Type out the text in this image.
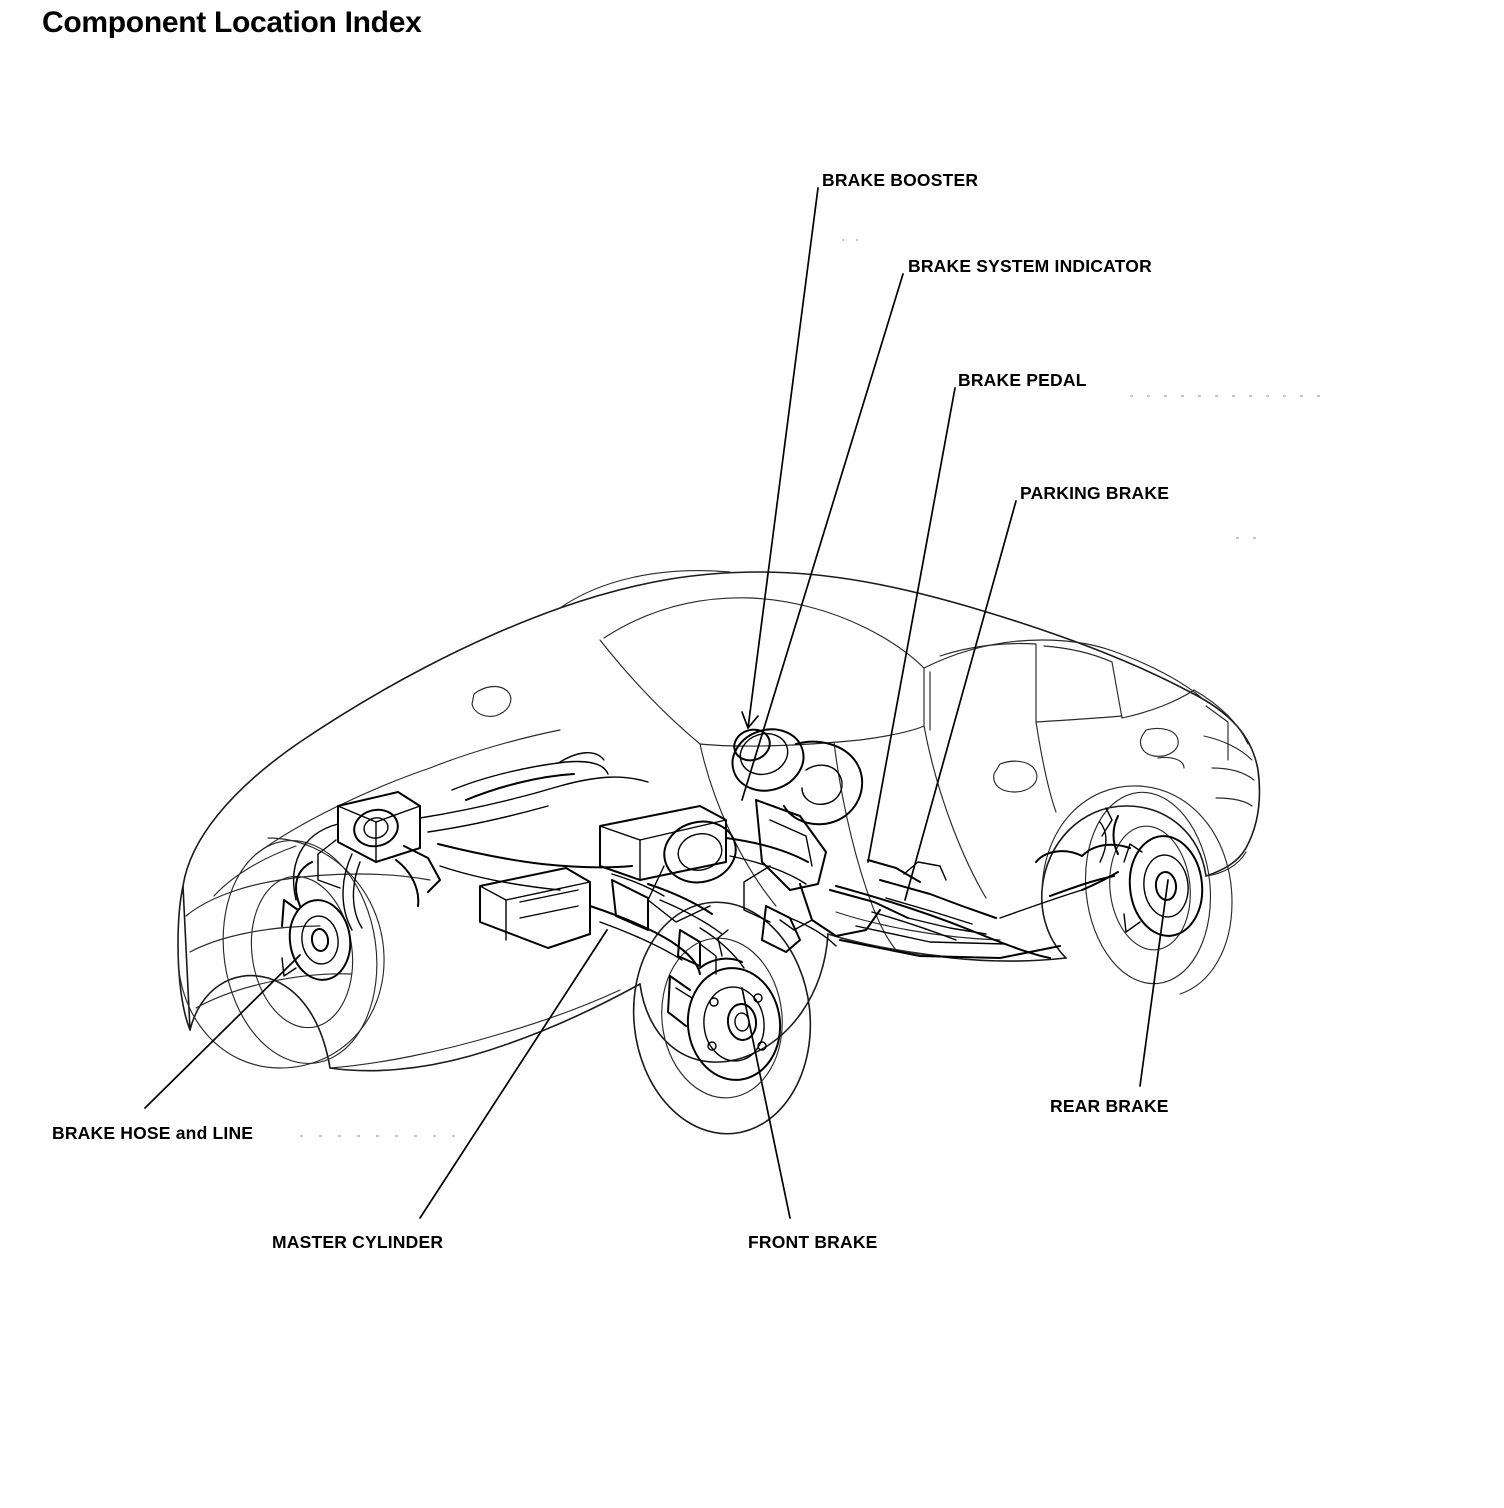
Component Location Index
BRAKE BOOSTER
BRAKE SYSTEM INDICATOR
BRAKE PEDAL
PARKING BRAKE
REAR BRAKE
FRONT BRAKE
MASTER CYLINDER
BRAKE HOSE and LINE
